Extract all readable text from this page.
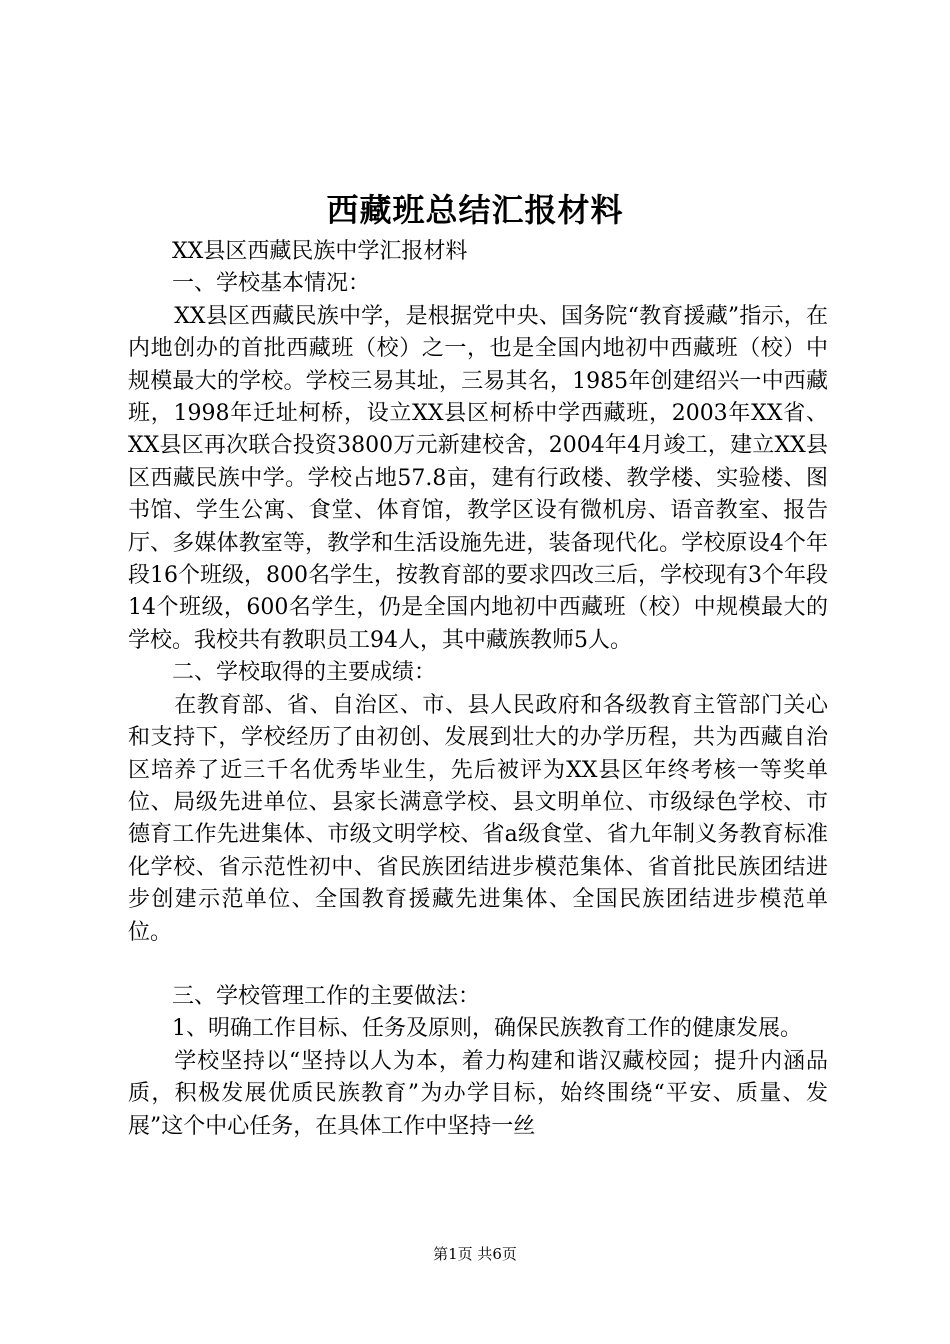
西藏班总结汇报材料

XX县区西藏民族中学汇报材料

一、学校基本情况：

XX县区西藏民族中学，是根据党中央、国务院“教育援藏”指示，在内地创办的首批西藏班（校）之一，也是全国内地初中西藏班（校）中规模最大的学校。学校三易其址，三易其名，1985年创建绍兴一中西藏班，1998年迁址柯桥，设立XX县区柯桥中学西藏班，2003年XX省、XX县区再次联合投资3800万元新建校舍，2004年4月竣工，建立XX县区西藏民族中学。学校占地57.8亩，建有行政楼、教学楼、实验楼、图书馆、学生公寓、食堂、体育馆，教学区设有微机房、语音教室、报告厅、多媒体教室等，教学和生活设施先进，装备现代化。学校原设4个年段16个班级，800名学生，按教育部的要求四改三后，学校现有3个年段14个班级，600名学生，仍是全国内地初中西藏班（校）中规模最大的学校。我校共有教职员工94人，其中藏族教师5人。

二、学校取得的主要成绩：

在教育部、省、自治区、市、县人民政府和各级教育主管部门关心和支持下，学校经历了由初创、发展到壮大的办学历程，共为西藏自治区培养了近三千名优秀毕业生，先后被评为XX县区年终考核一等奖单位、局级先进单位、县家长满意学校、县文明单位、市级绿色学校、市德育工作先进集体、市级文明学校、省a级食堂、省九年制义务教育标准化学校、省示范性初中、省民族团结进步模范集体、省首批民族团结进步创建示范单位、全国教育援藏先进集体、全国民族团结进步模范单位。

三、学校管理工作的主要做法：

1、明确工作目标、任务及原则，确保民族教育工作的健康发展。

学校坚持以“坚持以人为本，着力构建和谐汉藏校园；提升内涵品质，积极发展优质民族教育”为办学目标，始终围绕“平安、质量、发展”这个中心任务，在具体工作中坚持一丝

第1页 共6页
